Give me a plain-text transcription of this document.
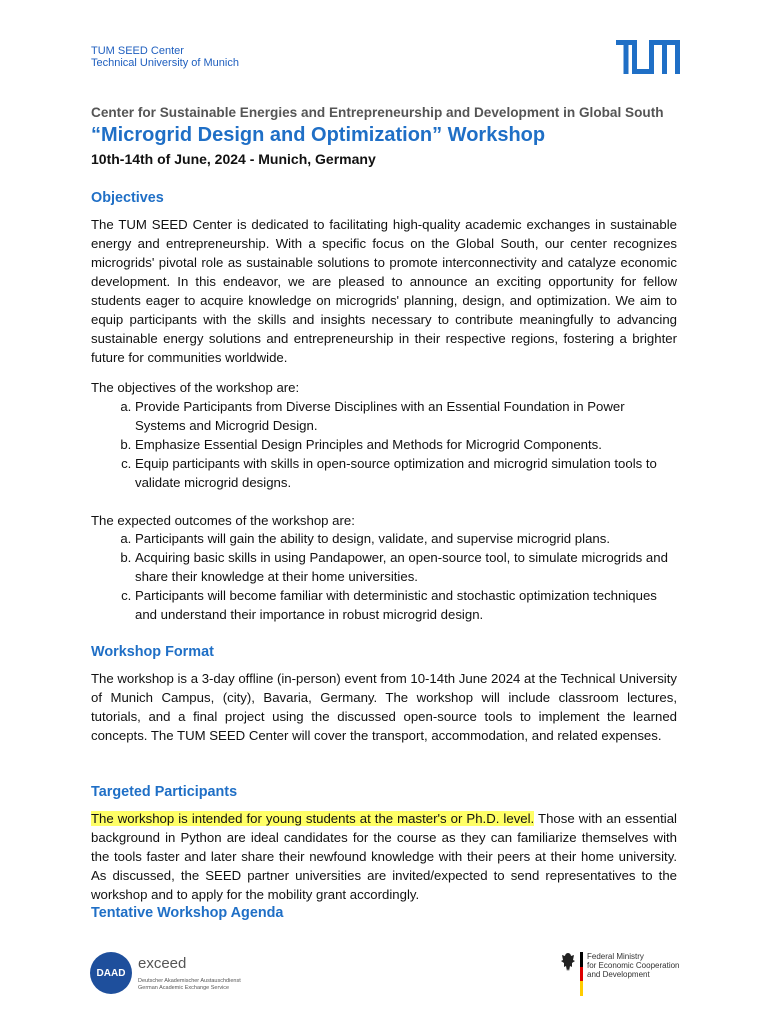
TUM SEED Center
Technical University of Munich
Center for Sustainable Energies and Entrepreneurship and Development in Global South
“Microgrid Design and Optimization” Workshop
10th-14th of June, 2024 - Munich, Germany
Objectives
The TUM SEED Center is dedicated to facilitating high-quality academic exchanges in sustainable energy and entrepreneurship. With a specific focus on the Global South, our center recognizes microgrids' pivotal role as sustainable solutions to promote interconnectivity and catalyze economic development. In this endeavor, we are pleased to announce an exciting opportunity for fellow students eager to acquire knowledge on microgrids' planning, design, and optimization. We aim to equip participants with the skills and insights necessary to contribute meaningfully to advancing sustainable energy solutions and entrepreneurship in their respective regions, fostering a brighter future for communities worldwide.
The objectives of the workshop are:
a. Provide Participants from Diverse Disciplines with an Essential Foundation in Power Systems and Microgrid Design.
b. Emphasize Essential Design Principles and Methods for Microgrid Components.
c. Equip participants with skills in open-source optimization and microgrid simulation tools to validate microgrid designs.
The expected outcomes of the workshop are:
a. Participants will gain the ability to design, validate, and supervise microgrid plans.
b. Acquiring basic skills in using Pandapower, an open-source tool, to simulate microgrids and share their knowledge at their home universities.
c. Participants will become familiar with deterministic and stochastic optimization techniques and understand their importance in robust microgrid design.
Workshop Format
The workshop is a 3-day offline (in-person) event from 10-14th June 2024 at the Technical University of Munich Campus, (city), Bavaria, Germany. The workshop will include classroom lectures, tutorials, and a final project using the discussed open-source tools to implement the learned concepts. The TUM SEED Center will cover the transport, accommodation, and related expenses.
Targeted Participants
The workshop is intended for young students at the master's or Ph.D. level. Those with an essential background in Python are ideal candidates for the course as they can familiarize themselves with the tools faster and later share their newfound knowledge with their peers at their home university. As discussed, the SEED partner universities are invited/expected to send representatives to the workshop and to apply for the mobility grant accordingly.
Tentative Workshop Agenda
DAAD
exceed
Deutscher Akademischer Austauschdienst
German Academic Exchange Service
Federal Ministry
for Economic Cooperation
and Development
